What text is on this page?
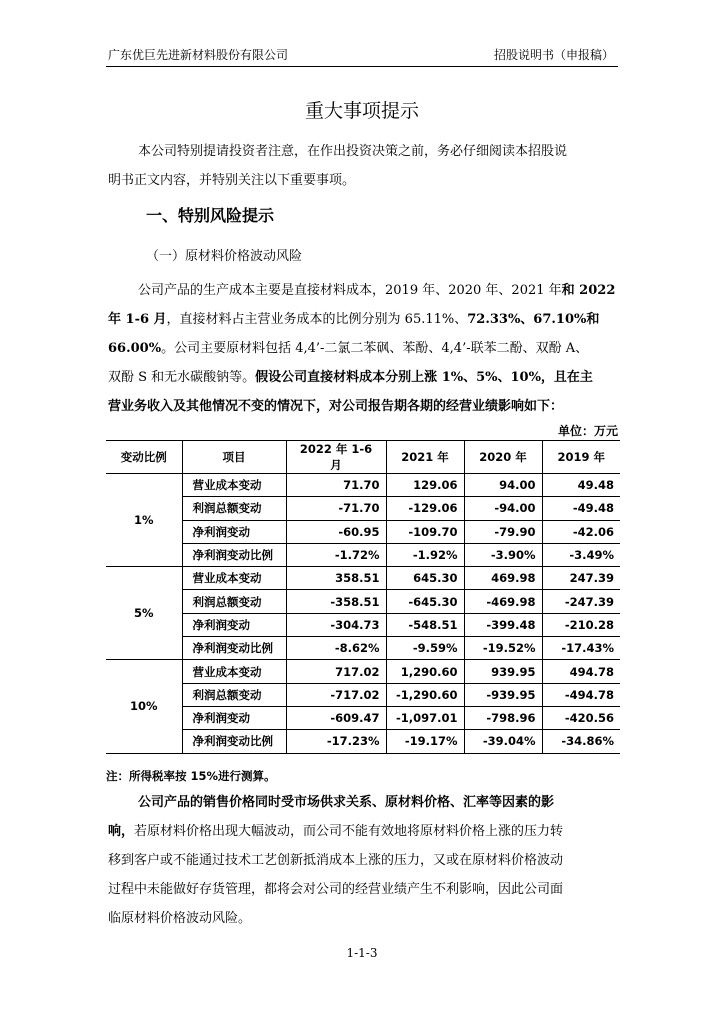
广东优巨先进新材料股份有限公司	招股说明书（申报稿）
重大事项提示
本公司特别提请投资者注意，在作出投资决策之前，务必仔细阅读本招股说
明书正文内容，并特别关注以下重要事项。
一、特别风险提示
（一）原材料价格波动风险
公司产品的生产成本主要是直接材料成本，2019 年、2020 年、2021 年和 2022
年 1-6 月，直接材料占主营业务成本的比例分别为 65.11%、72.33%、67.10%和
66.00%。公司主要原材料包括 4,4’-二氯二苯砜、苯酚、4,4’-联苯二酚、双酚 A、
双酚 S 和无水碳酸钠等。假设公司直接材料成本分别上涨 1%、5%、10%，且在主
营业务收入及其他情况不变的情况下，对公司报告期各期的经营业绩影响如下：
单位：万元
变动比例	项目	2022 年 1-6 月	2021 年	2020 年	2019 年
1%	营业成本变动	71.70	129.06	94.00	49.48
	利润总额变动	-71.70	-129.06	-94.00	-49.48
	净利润变动	-60.95	-109.70	-79.90	-42.06
	净利润变动比例	-1.72%	-1.92%	-3.90%	-3.49%
5%	营业成本变动	358.51	645.30	469.98	247.39
	利润总额变动	-358.51	-645.30	-469.98	-247.39
	净利润变动	-304.73	-548.51	-399.48	-210.28
	净利润变动比例	-8.62%	-9.59%	-19.52%	-17.43%
10%	营业成本变动	717.02	1,290.60	939.95	494.78
	利润总额变动	-717.02	-1,290.60	-939.95	-494.78
	净利润变动	-609.47	-1,097.01	-798.96	-420.56
	净利润变动比例	-17.23%	-19.17%	-39.04%	-34.86%
注：所得税率按 15%进行测算。
公司产品的销售价格同时受市场供求关系、原材料价格、汇率等因素的影
响，若原材料价格出现大幅波动，而公司不能有效地将原材料价格上涨的压力转
移到客户或不能通过技术工艺创新抵消成本上涨的压力，又或在原材料价格波动
过程中未能做好存货管理，都将会对公司的经营业绩产生不利影响，因此公司面
临原材料价格波动风险。
1-1-3
